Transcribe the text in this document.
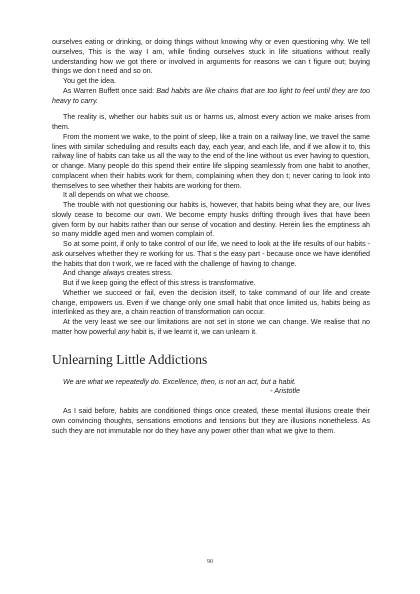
ourselves eating or drinking, or doing things without knowing why or even questioning why. We tell ourselves, This is the way I am, while finding ourselves stuck in life situations without really understanding how we got there or involved in arguments for reasons we can t figure out; buying things we don t need and so on.

You get the idea.

As Warren Buffett once said: Bad habits are like chains that are too light to feel until they are too heavy to carry.

The reality is, whether our habits suit us or harms us, almost every action we make arises from them.

From the moment we wake, to the point of sleep, like a train on a railway line, we travel the same lines with similar scheduling and results each day, each year, and each life, and if we allow it to, this railway line of habits can take us all the way to the end of the line without us ever having to question, or change. Many people do this spend their entire life slipping seamlessly from one habit to another, complacent when their habits work for them, complaining when they don t; never caring to look into themselves to see whether their habits are working for them.

It all depends on what we choose.

The trouble with not questioning our habits is, however, that habits being what they are, our lives slowly cease to become our own. We become empty husks drifting through lives that have been given form by our habits rather than our sense of vocation and destiny. Herein lies the emptiness ah so many middle aged men and women complain of.

So at some point, if only to take control of our life, we need to look at the life results of our habits - ask ourselves whether they re working for us. That s the easy part - because once we have identified the habits that don t work, we re faced with the challenge of having to change.

And change always creates stress.

But if we keep going the effect of this stress is transformative.

Whether we succeed or fail, even the decision itself, to take command of our life and create change, empowers us. Even if we change only one small habit that once limited us, habits being as interlinked as they are, a chain reaction of transformation can occur.

At the very least we see our limitations are not set in stone we can change. We realise that no matter how powerful any habit is, if we learnt it, we can unlearn it.

Unlearning Little Addictions

We are what we repeatedly do. Excellence, then, is not an act, but a habit.

- Aristotle

As I said before, habits are conditioned things once created, these mental illusions create their own convincing thoughts, sensations emotions and tensions but they are illusions nonetheless. As such they are not immutable nor do they have any power other than what we give to them.

90
